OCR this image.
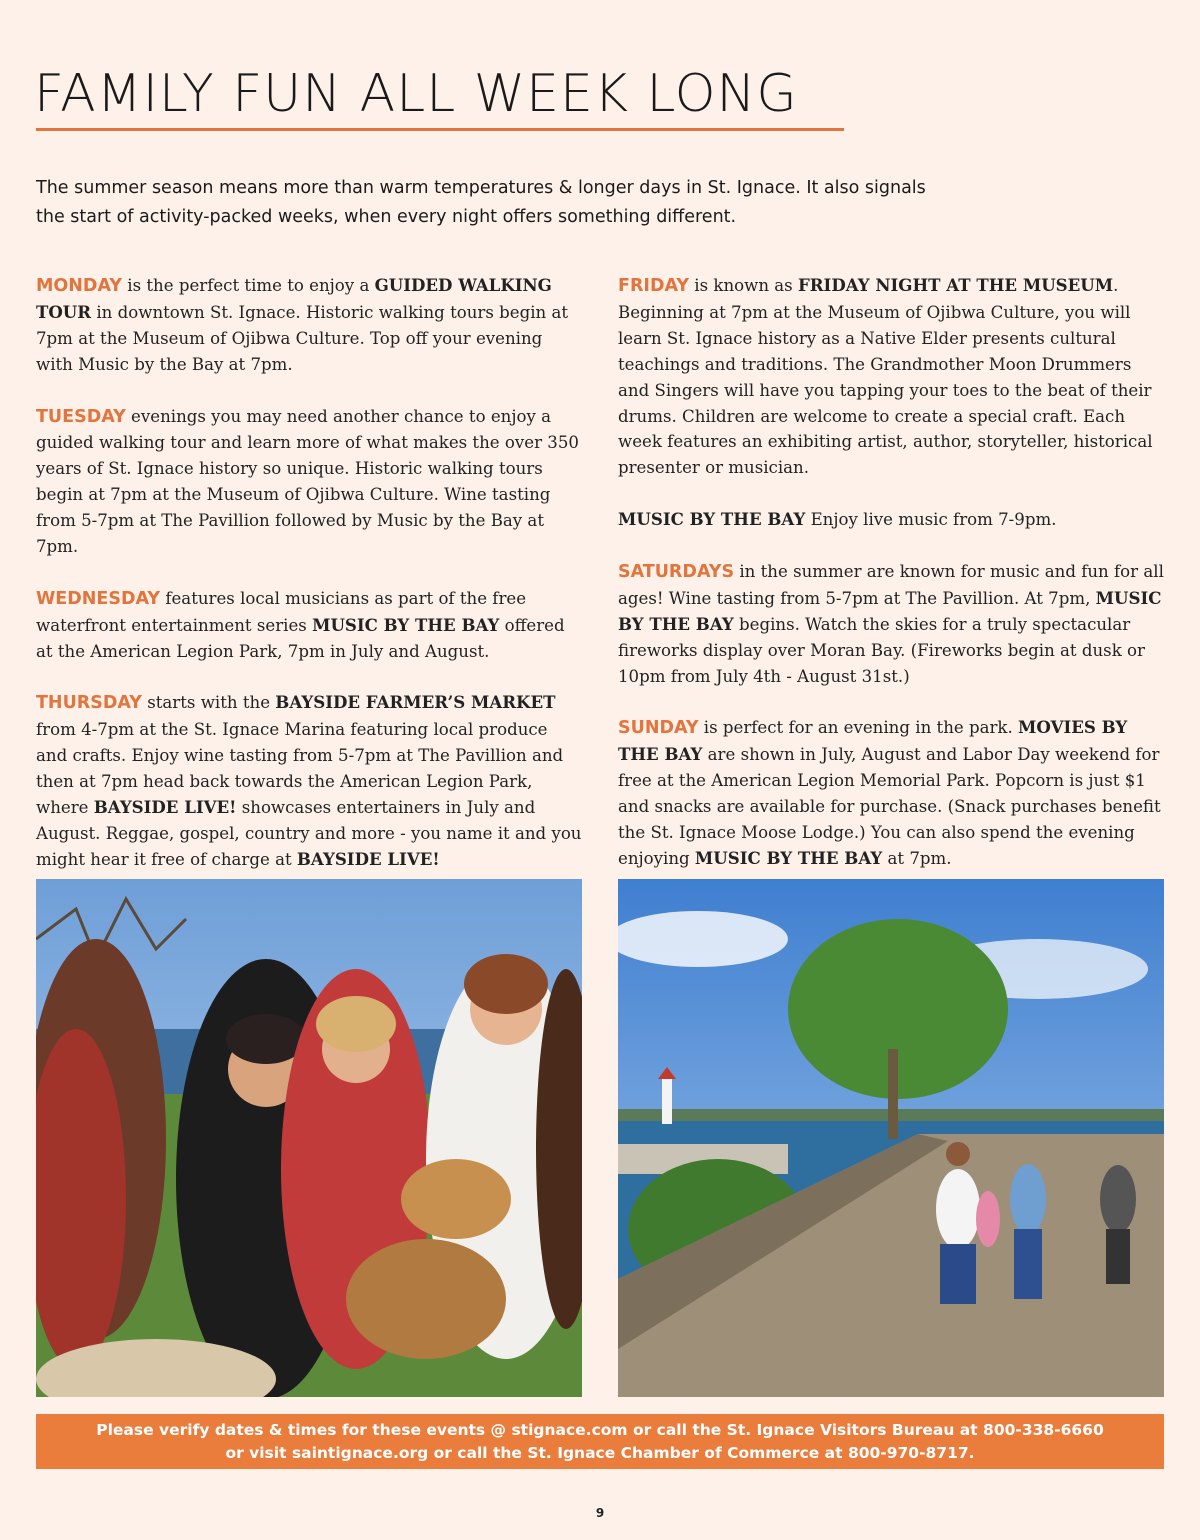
FAMILY FUN ALL WEEK LONG
The summer season means more than warm temperatures & longer days in St. Ignace. It also signals
the start of activity-packed weeks, when every night offers something different.

MONDAY is the perfect time to enjoy a GUIDED WALKING TOUR in downtown St. Ignace. Historic walking tours begin at 7pm at the Museum of Ojibwa Culture. Top off your evening with Music by the Bay at 7pm.

TUESDAY evenings you may need another chance to enjoy a guided walking tour and learn more of what makes the over 350 years of St. Ignace history so unique. Historic walking tours begin at 7pm at the Museum of Ojibwa Culture. Wine tasting from 5-7pm at The Pavillion followed by Music by the Bay at 7pm.

WEDNESDAY features local musicians as part of the free waterfront entertainment series MUSIC BY THE BAY offered at the American Legion Park, 7pm in July and August.

THURSDAY starts with the BAYSIDE FARMER’S MARKET from 4-7pm at the St. Ignace Marina featuring local produce and crafts. Enjoy wine tasting from 5-7pm at The Pavillion and then at 7pm head back towards the American Legion Park, where BAYSIDE LIVE! showcases entertainers in July and August. Reggae, gospel, country and more - you name it and you might hear it free of charge at BAYSIDE LIVE!

FRIDAY is known as FRIDAY NIGHT AT THE MUSEUM. Beginning at 7pm at the Museum of Ojibwa Culture, you will learn St. Ignace history as a Native Elder presents cultural teachings and traditions. The Grandmother Moon Drummers and Singers will have you tapping your toes to the beat of their drums. Children are welcome to create a special craft. Each week features an exhibiting artist, author, storyteller, historical presenter or musician.

MUSIC BY THE BAY Enjoy live music from 7-9pm.

SATURDAYS in the summer are known for music and fun for all ages! Wine tasting from 5-7pm at The Pavillion. At 7pm, MUSIC BY THE BAY begins. Watch the skies for a truly spectacular fireworks display over Moran Bay. (Fireworks begin at dusk or 10pm from July 4th - August 31st.)

SUNDAY is perfect for an evening in the park. MOVIES BY THE BAY are shown in July, August and Labor Day weekend for free at the American Legion Memorial Park. Popcorn is just $1 and snacks are available for purchase. (Snack purchases benefit the St. Ignace Moose Lodge.) You can also spend the evening enjoying MUSIC BY THE BAY at 7pm.

Please verify dates & times for these events @ stignace.com or call the St. Ignace Visitors Bureau at 800-338-6660
or visit saintignace.org or call the St. Ignace Chamber of Commerce at 800-970-8717.
9
